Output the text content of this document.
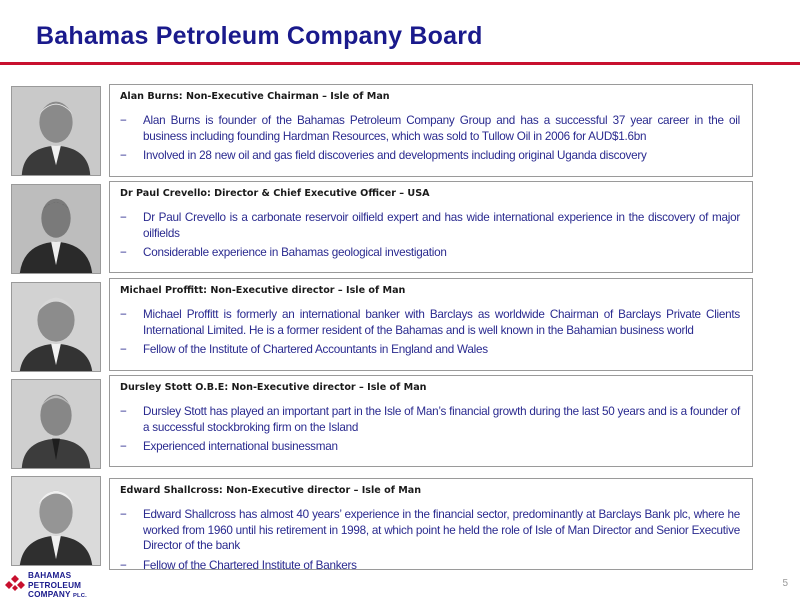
Bahamas Petroleum Company Board
Alan Burns: Non-Executive Chairman – Isle of Man
− Alan Burns is founder of the Bahamas Petroleum Company Group and has a successful 37 year career in the oil business including founding Hardman Resources, which was sold to Tullow Oil in 2006 for AUD$1.6bn
− Involved in 28 new oil and gas field discoveries and developments including original Uganda discovery
Dr Paul Crevello: Director & Chief Executive Officer – USA
− Dr Paul Crevello is a carbonate reservoir oilfield expert and has wide international experience in the discovery of major oilfields
− Considerable experience in Bahamas geological investigation
Michael Proffitt: Non-Executive director – Isle of Man
− Michael Proffitt is formerly an international banker with Barclays as worldwide Chairman of Barclays Private Clients International Limited. He is a former resident of the Bahamas and is well known in the Bahamian business world
− Fellow of the Institute of Chartered Accountants in England and Wales
Dursley Stott O.B.E: Non-Executive director – Isle of Man
− Dursley Stott has played an important part in the Isle of Man’s financial growth during the last 50 years and is a founder of a successful stockbroking firm on the Island
− Experienced international businessman
Edward Shallcross: Non-Executive director – Isle of Man
− Edward Shallcross has almost 40 years’ experience in the financial sector, predominantly at Barclays Bank plc, where he worked from 1960 until his retirement in 1998, at which point he held the role of Isle of Man Director and Senior Executive Director of the bank
− Fellow of the Chartered Institute of Bankers
BAHAMAS
PETROLEUM
COMPANY PLC.
5
